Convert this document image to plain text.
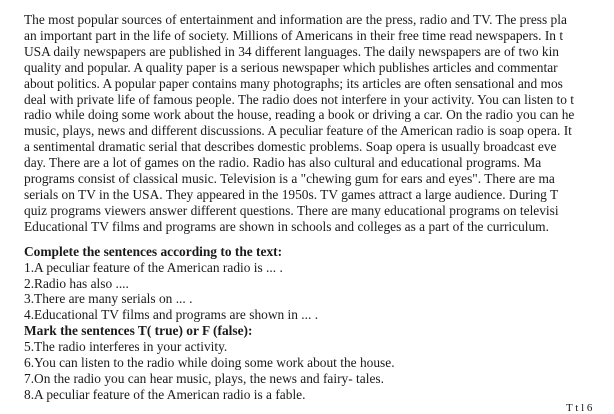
The most popular sources of entertainment and information are the press, radio and TV. The press pla

an important part in the life of society. Millions of Americans in their free time read newspapers. In t

USA daily newspapers are published in 34 different languages. The daily newspapers are of two kin

quality and popular. A quality paper is a serious newspaper which publishes articles and commentar

about politics. A popular paper contains many photographs; its articles are often sensational and mos

deal with private life of famous people. The radio does not interfere in your activity. You can listen to t

radio while doing some work about the house, reading a book or driving a car. On the radio you can he

music, plays, news and different discussions. A peculiar feature of the American radio is soap opera. It

a sentimental dramatic serial that describes domestic problems. Soap opera is usually broadcast eve

day. There are a lot of games on the radio. Radio has also cultural and educational programs. Ma

programs consist of classical music. Television is a "chewing gum for ears and eyes". There are ma

serials on TV in the USA. They appeared in the 1950s. TV games attract a large audience. During T

quiz programs viewers answer different questions. There are many educational programs on televisi

Educational TV films and programs are shown in schools and colleges as a part of the curriculum.

Complete the sentences according to the text:

1.A peculiar feature of the American radio is ... .

2.Radio has also ....

3.There are many serials on ... .

4.Educational TV films and programs are shown in ... .

Mark the sentences T( true) or F (false):

5.The radio interferes in your activity.

6.You can listen to the radio while doing some work about the house.

7.On the radio you can hear music, plays, the news and fairy- tales.

8.A peculiar feature of the American radio is a fable.

T t l 6
